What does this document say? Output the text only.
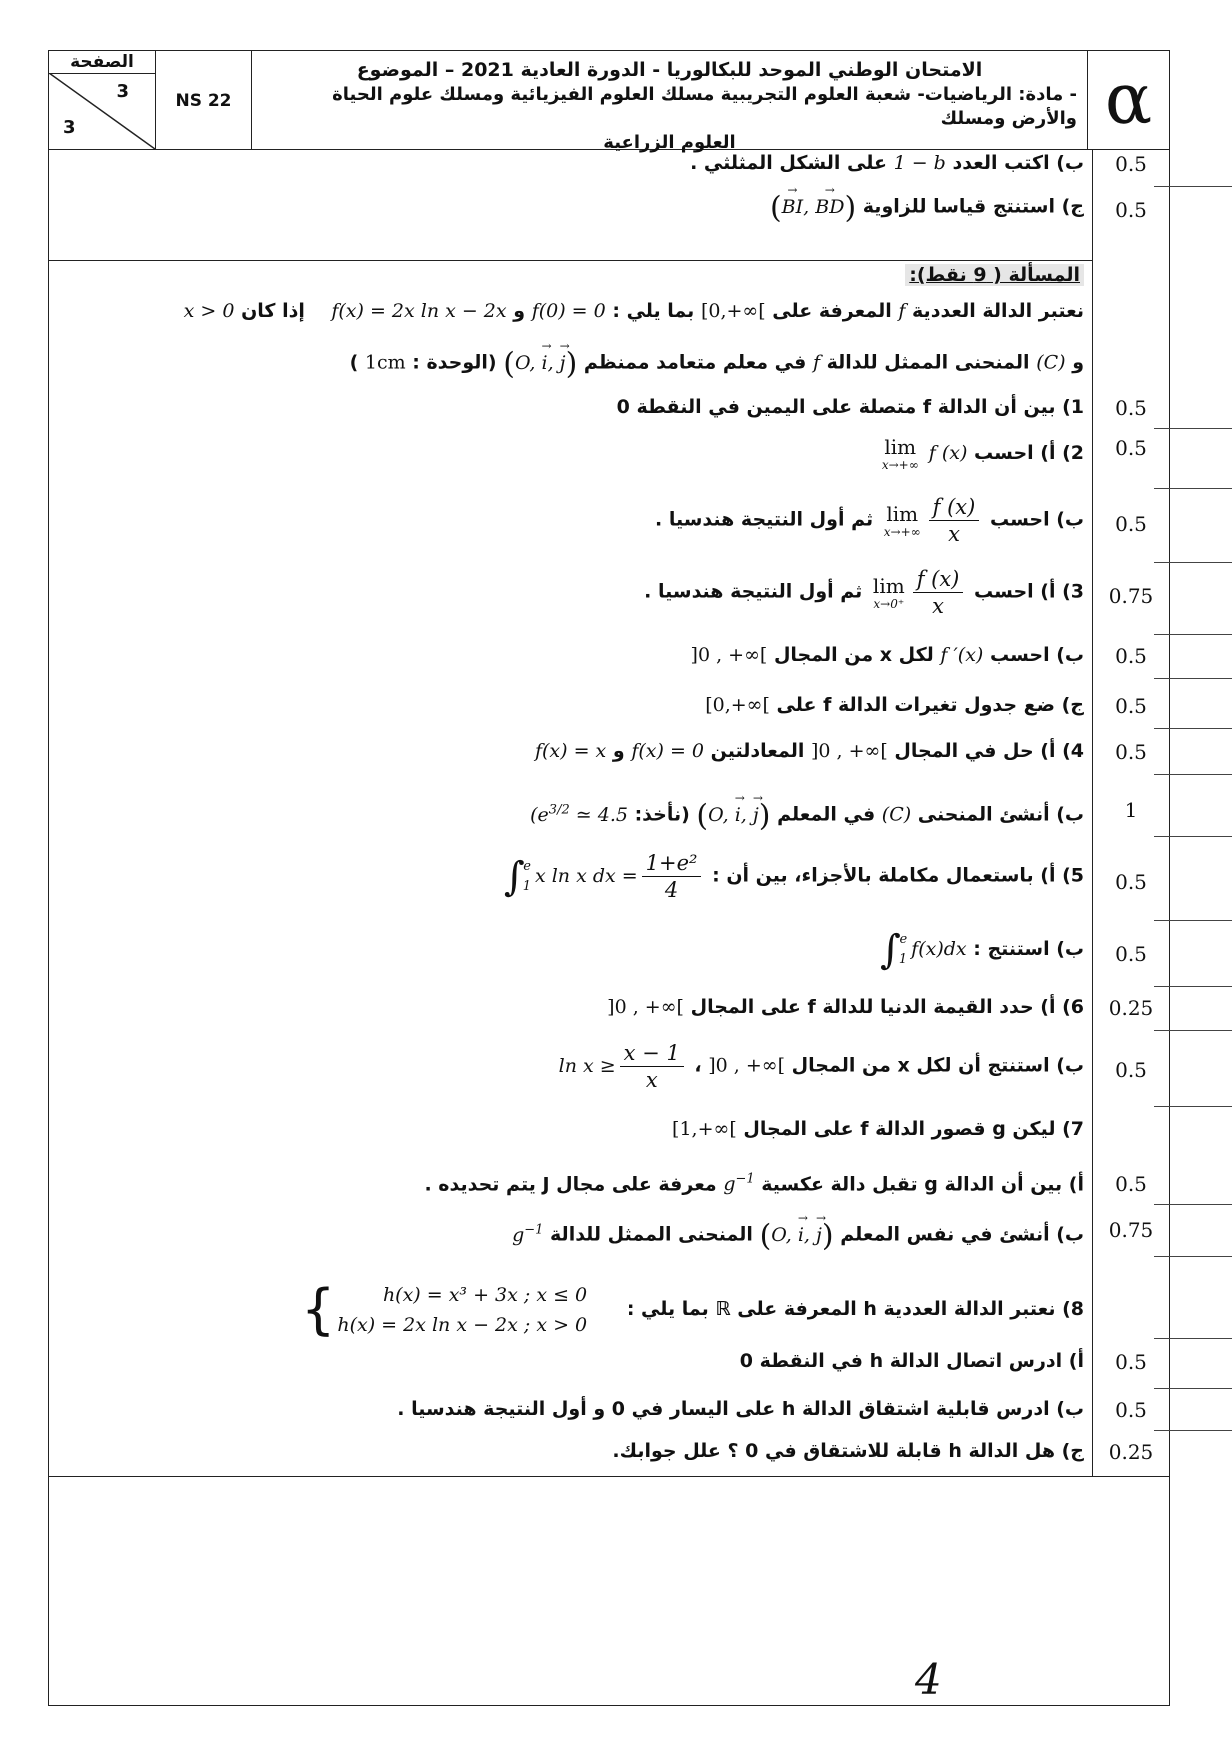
الصفحة
3
3
NS 22
الامتحان الوطني الموحد للبكالوريا - الدورة العادية 2021 – الموضوع
- مادة: الرياضيات- شعبة العلوم التجريبية مسلك العلوم الفيزيائية ومسلك علوم الحياة والأرض ومسلك
العلوم الزراعية
α
0.5
ب) اكتب العدد 1 − b على الشكل المثلثي .
0.5
ج) استنتج قياسا للزاوية (→ BI, → BD)
المسألة ( 9 نقط):
نعتبر الدالة العددية f المعرفة على [0,+∞[ بما يلي : f(0) = 0 و f(x) = 2x ln x − 2x    إذا كان x > 0
و (C) المنحنى الممثل للدالة f في معلم متعامد ممنظم (O, → i, → j) (الوحدة : 1cm )
0.5
1) بين أن الدالة f متصلة على اليمين في النقطة 0
0.5
2) أ) احسب
lim
x→+∞
f (x)
0.5
ب) احسب
lim
$x\to+\infty \frac{f (x)}{x}$
ثم أول النتيجة هندسيا .
0.75
3) أ) احسب
lim
$x\to 0^+ \frac{f (x)}{x}$
ثم أول النتيجة هندسيا .
0.5
ب) احسب f ′(x) لكل x من المجال ]0 , +∞[
0.5
ج) ضع جدول تغيرات الدالة f على [0,+∞[
0.5
4) أ) حل في المجال ]0 , +∞[ المعادلتين f(x) = 0 و f(x) = x
1
ب) أنشئ المنحنى (C) في المعلم (O, → i, → j) (نأخذ: ($e^{3/2}$ ≃ 4.5
0.5
5) أ) باستعمال مكاملة بالأجزاء، بين أن :
∫
e
1 x ln x dx = $\frac{\text{1+e²}}{4}$
0.5
ب) استنتج :
∫
e
1 f(x)dx
0.25
6) أ) حدد القيمة الدنيا للدالة f على المجال ]0 , +∞[
0.5
ب) استنتج أن لكل x من المجال ]0 , +∞[ ، $\ln x \ge \frac{x - 1}{x}$
7) ليكن g قصور الدالة f على المجال [1,+∞[
0.5
أ) بين أن الدالة g تقبل دالة عكسية $g^{-1}$ معرفة على مجال J يتم تحديده .
0.75
ب) أنشئ في نفس المعلم (O, → i, → j) المنحنى الممثل للدالة $g^{-1}$
8) نعتبر الدالة العددية h المعرفة على ℝ بما يلي :
{	h(x) = x³ + 3x ; x ≤ 0
h(x) = 2x ln x − 2x ; x > 0
0.5
أ) ادرس اتصال الدالة h في النقطة 0
0.5
ب) ادرس قابلية اشتقاق الدالة h على اليسار في 0 و أول النتيجة هندسيا .
0.25
ج) هل الدالة h قابلة للاشتقاق في 0 ؟ علل جوابك.
4
